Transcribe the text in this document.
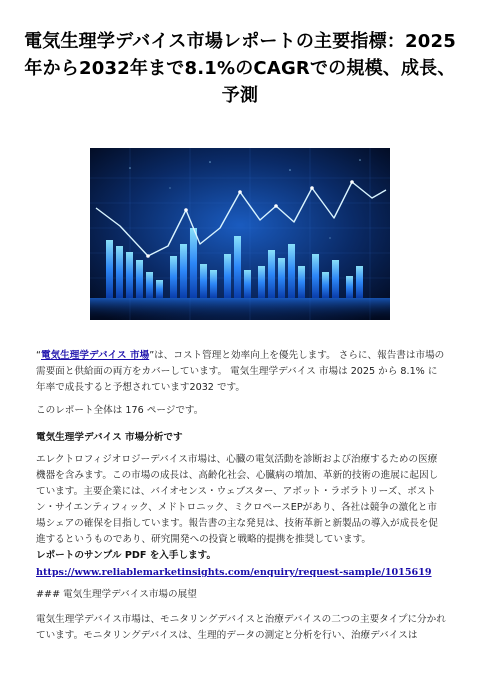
電気生理学デバイス市場レポートの主要指標：2025年から2032年まで8.1%のCAGRでの規模、成長、予測

“電気生理学デバイス 市場”は、コスト管理と効率向上を優先します。 さらに、報告書は市場の需要面と供給面の両方をカバーしています。 電気生理学デバイス 市場は 2025 から 8.1% に年率で成長すると予想されています2032 です。

このレポート全体は 176 ページです。

電気生理学デバイス 市場分析です

エレクトロフィジオロジーデバイス市場は、心臓の電気活動を診断および治療するための医療機器を含みます。この市場の成長は、高齢化社会、心臓病の増加、革新的技術の進展に起因しています。主要企業には、バイオセンス・ウェブスター、アボット・ラボラトリーズ、ボストン・サイエンティフィック、メドトロニック、ミクロペースEPがあり、各社は競争の激化と市場シェアの確保を目指しています。報告書の主な発見は、技術革新と新製品の導入が成長を促進するというものであり、研究開発への投資と戦略的提携を推奨しています。

レポートのサンプル PDF を入手します。  https://www.reliablemarketinsights.com/enquiry/request-sample/1015619

### 電気生理学デバイス市場の展望

電気生理学デバイス市場は、モニタリングデバイスと治療デバイスの二つの主要タイプに分かれています。モニタリングデバイスは、生理的データの測定と分析を行い、治療デバイスは
